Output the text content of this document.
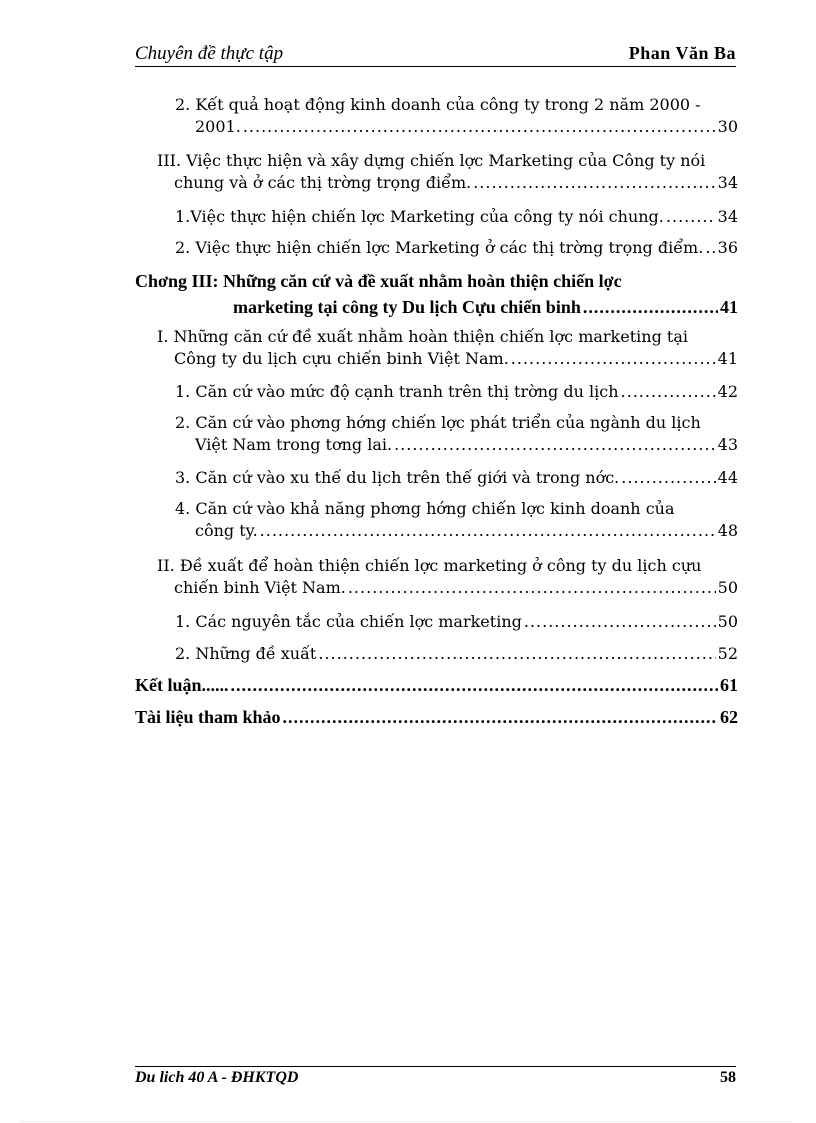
Chuyên đề thực tập	Phan Văn Ba
2. Kết quả hoạt động kinh doanh của công ty trong 2 năm 2000 -
2001. .....	30
III. Việc thực hiện và xây dựng chiến lợc Marketing của Công ty nói
chung và ở các thị trờng trọng điểm. .....	34
1.Việc thực hiện chiến lợc Marketing của công ty nói chung. .....	34
2. Việc thực hiện chiến lợc Marketing ở các thị trờng trọng điểm. ..... 36
Chơng III: Những căn cứ và đề xuất nhằm hoàn thiện chiến lợc
marketing tại công ty Du lịch Cựu chiến binh .....	41
I. Những căn cứ đề xuất nhằm hoàn thiện chiến lợc marketing tại
Công ty du lịch cựu chiến binh Việt Nam. .....	41
1. Căn cứ vào mức độ cạnh tranh trên thị trờng du lịch .....	42
2. Căn cứ vào phơng hớng chiến lợc phát triển của ngành du lịch
Việt Nam trong tơng lai. .....	43
3. Căn cứ vào xu thế du lịch trên thế giới và trong nớc. .....	44
4. Căn cứ vào khả năng phơng hớng chiến lợc kinh doanh của
công ty. .....	48
II. Đề xuất để hoàn thiện chiến lợc marketing ở công ty du lịch cựu
chiến binh Việt Nam. .....	50
1. Các nguyên tắc của chiến lợc marketing .....	50
2. Những đề xuất .....	52
Kết luận...... .....	61
Tài liệu tham khảo .....	62
Du lich 40 A - ĐHKTQD	58
